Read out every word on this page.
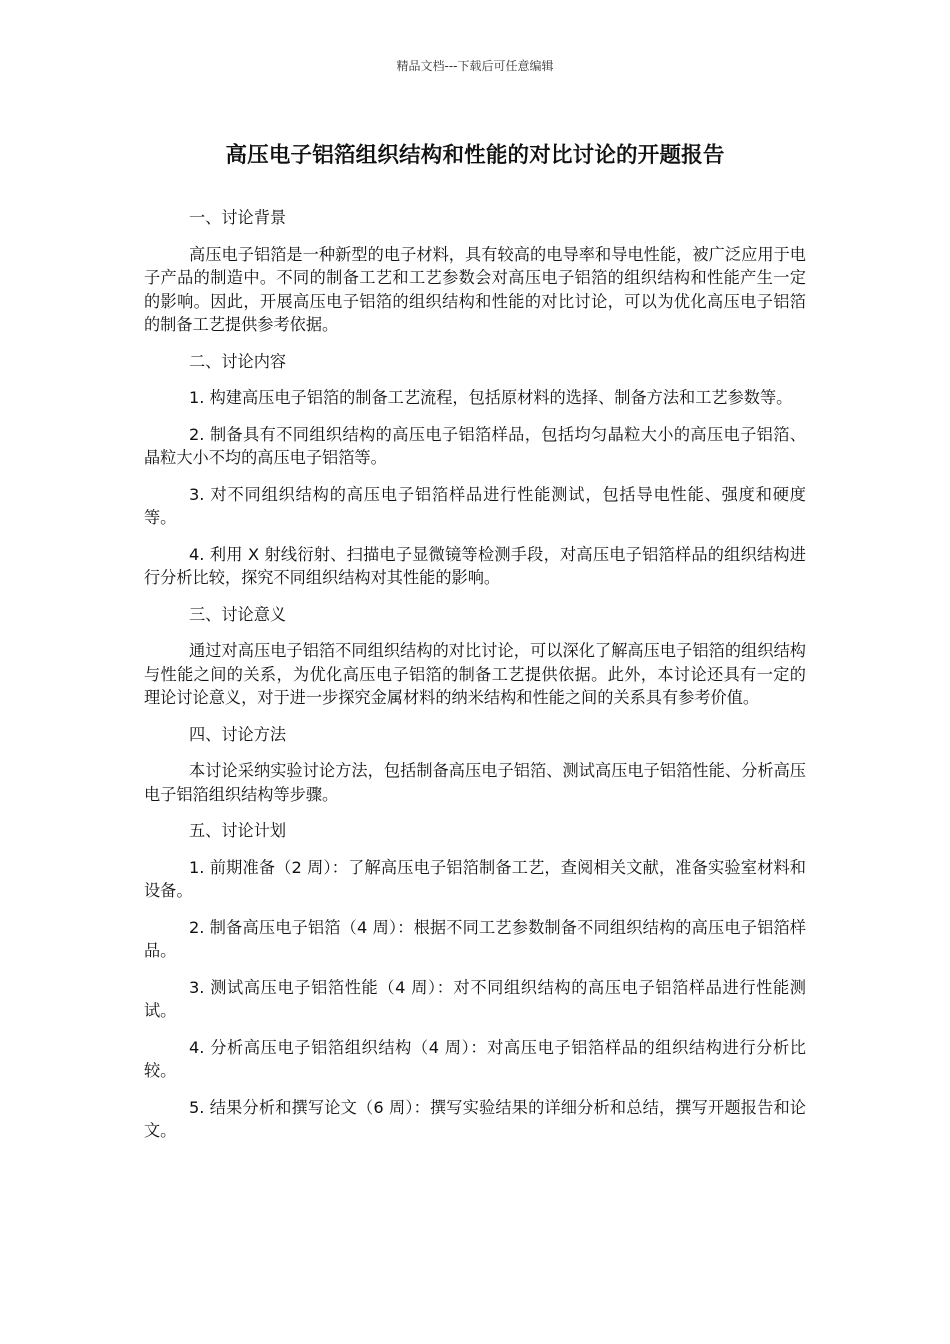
精品文档---下载后可任意编辑
高压电子铝箔组织结构和性能的对比讨论的开题报告

一、讨论背景

高压电子铝箔是一种新型的电子材料，具有较高的电导率和导电性能，被广泛应用于电子产品的制造中。不同的制备工艺和工艺参数会对高压电子铝箔的组织结构和性能产生一定的影响。因此，开展高压电子铝箔的组织结构和性能的对比讨论，可以为优化高压电子铝箔的制备工艺提供参考依据。

二、讨论内容

1. 构建高压电子铝箔的制备工艺流程，包括原材料的选择、制备方法和工艺参数等。

2. 制备具有不同组织结构的高压电子铝箔样品，包括均匀晶粒大小的高压电子铝箔、晶粒大小不均的高压电子铝箔等。

3. 对不同组织结构的高压电子铝箔样品进行性能测试，包括导电性能、强度和硬度等。

4. 利用 X 射线衍射、扫描电子显微镜等检测手段，对高压电子铝箔样品的组织结构进行分析比较，探究不同组织结构对其性能的影响。

三、讨论意义

通过对高压电子铝箔不同组织结构的对比讨论，可以深化了解高压电子铝箔的组织结构与性能之间的关系，为优化高压电子铝箔的制备工艺提供依据。此外，本讨论还具有一定的理论讨论意义，对于进一步探究金属材料的纳米结构和性能之间的关系具有参考价值。

四、讨论方法

本讨论采纳实验讨论方法，包括制备高压电子铝箔、测试高压电子铝箔性能、分析高压电子铝箔组织结构等步骤。

五、讨论计划

1. 前期准备（2 周）：了解高压电子铝箔制备工艺，查阅相关文献，准备实验室材料和设备。

2. 制备高压电子铝箔（4 周）：根据不同工艺参数制备不同组织结构的高压电子铝箔样品。

3. 测试高压电子铝箔性能（4 周）：对不同组织结构的高压电子铝箔样品进行性能测试。

4. 分析高压电子铝箔组织结构（4 周）：对高压电子铝箔样品的组织结构进行分析比较。

5. 结果分析和撰写论文（6 周）：撰写实验结果的详细分析和总结，撰写开题报告和论文。
